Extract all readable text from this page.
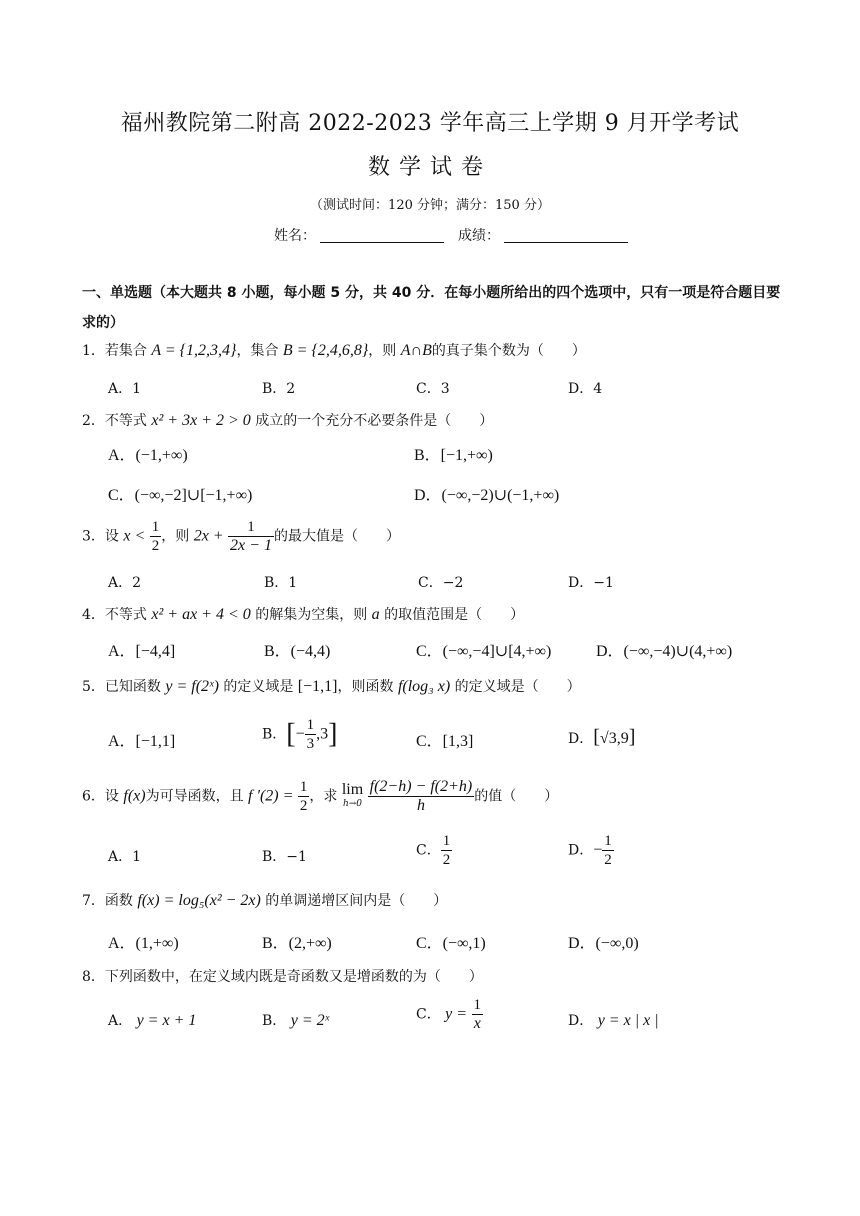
福州教院第二附高 2022-2023 学年高三上学期 9 月开学考试
数学试卷
（测试时间：120 分钟；满分：150 分）
姓名：	成绩：
一、单选题（本大题共 8 小题，每小题 5 分，共 40 分．在每小题所给出的四个选项中，只有一项是符合题目要求的）
1．若集合 A = {1,2,3,4}，集合 B = {2,4,6,8}，则 A∩B的真子集个数为（　　）
A．1	B．2	C．3	D．4
2．不等式 x² + 3x + 2 > 0 成立的一个充分不必要条件是（　　）
A．(−1,+∞)	B．[−1,+∞)
C．(−∞,−2]∪[−1,+∞)	D．(−∞,−2)∪(−1,+∞)
3．设 $x < \frac{1}{2}$ ，则 $2x + \frac{1}{2x - 1}$ 的最大值是（　　）
A．2	B．1	C．−2	D．−1
4．不等式 x² + ax + 4 < 0 的解集为空集，则 a 的取值范围是（　　）
A．[−4,4]	B．(−4,4)	C．(−∞,−4]∪[4,+∞)	D．(−∞,−4)∪(4,+∞)
5．已知函数 y = f(2ˣ) 的定义域是 [−1,1]，则函数 f(log₃ x) 的定义域是（　　）
A．[−1,1]	B．[− $\frac{1}{3} ,3$]	C．[1,3]	D．[√3,9]
6．设 f(x)为可导函数，且 f $'(2) = \frac{1}{2}$ ，求 lim
h→0
$\frac{f(2-h) - f(2+h)}{h}$ 的值（　　）
A．1	B．−1	C． $\frac{1}{2}$	D．− $\frac{1}{2}$
7．函数 f(x) = log₅(x² − 2x) 的单调递增区间内是（　　）
A．(1,+∞)	B．(2,+∞)	C．(−∞,1)	D．(−∞,0)
8．下列函数中，在定义域内既是奇函数又是增函数的为（　　）
A． y = x + 1	B． y = 2ˣ	C． $y = \frac{1}{x}$	D． y = x | x |
